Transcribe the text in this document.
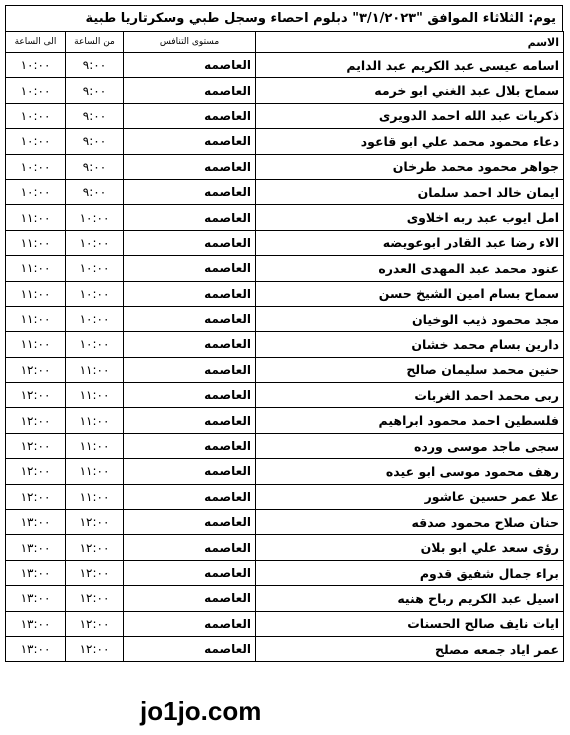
يوم: الثلاثاء الموافق "٣/١/٢٠٢٣" دبلوم احصاء وسجل طبي وسكرتاريا طبية
الاسم	مستوى التنافس	من الساعة	الى الساعة
اسامه عيسى عبد الكريم عبد الدايم	العاصمه	٩:٠٠	١٠:٠٠
سماح بلال عبد الغني ابو خرمه	العاصمه	٩:٠٠	١٠:٠٠
ذكريات عبد الله احمد الدويرى	العاصمه	٩:٠٠	١٠:٠٠
دعاء محمود محمد علي ابو قاعود	العاصمه	٩:٠٠	١٠:٠٠
جواهر محمود محمد طرخان	العاصمه	٩:٠٠	١٠:٠٠
ايمان خالد احمد سلمان	العاصمه	٩:٠٠	١٠:٠٠
امل ايوب عبد ربه اخلاوى	العاصمه	١٠:٠٠	١١:٠٠
الاء رضا عبد القادر ابوعويضه	العاصمه	١٠:٠٠	١١:٠٠
عنود محمد عبد المهدى العدره	العاصمه	١٠:٠٠	١١:٠٠
سماح بسام امين الشيخ حسن	العاصمه	١٠:٠٠	١١:٠٠
مجد محمود ذيب الوخيان	العاصمه	١٠:٠٠	١١:٠٠
دارين بسام محمد خشان	العاصمه	١٠:٠٠	١١:٠٠
حنين محمد سليمان صالح	العاصمه	١١:٠٠	١٢:٠٠
ربى محمد احمد الغربات	العاصمه	١١:٠٠	١٢:٠٠
فلسطين احمد محمود ابراهيم	العاصمه	١١:٠٠	١٢:٠٠
سجى ماجد موسى ورده	العاصمه	١١:٠٠	١٢:٠٠
رهف محمود موسى ابو عيده	العاصمه	١١:٠٠	١٢:٠٠
علا عمر حسين عاشور	العاصمه	١١:٠٠	١٢:٠٠
حنان صلاح محمود صدقه	العاصمه	١٢:٠٠	١٣:٠٠
رؤى سعد علي ابو بلان	العاصمه	١٢:٠٠	١٣:٠٠
براء جمال شفيق قدوم	العاصمه	١٢:٠٠	١٣:٠٠
اسيل عبد الكريم رباح هنيه	العاصمه	١٢:٠٠	١٣:٠٠
ايات نايف صالح الحسنات	العاصمه	١٢:٠٠	١٣:٠٠
عمر اياد جمعه مصلح	العاصمه	١٢:٠٠	١٣:٠٠
jo1jo.com
